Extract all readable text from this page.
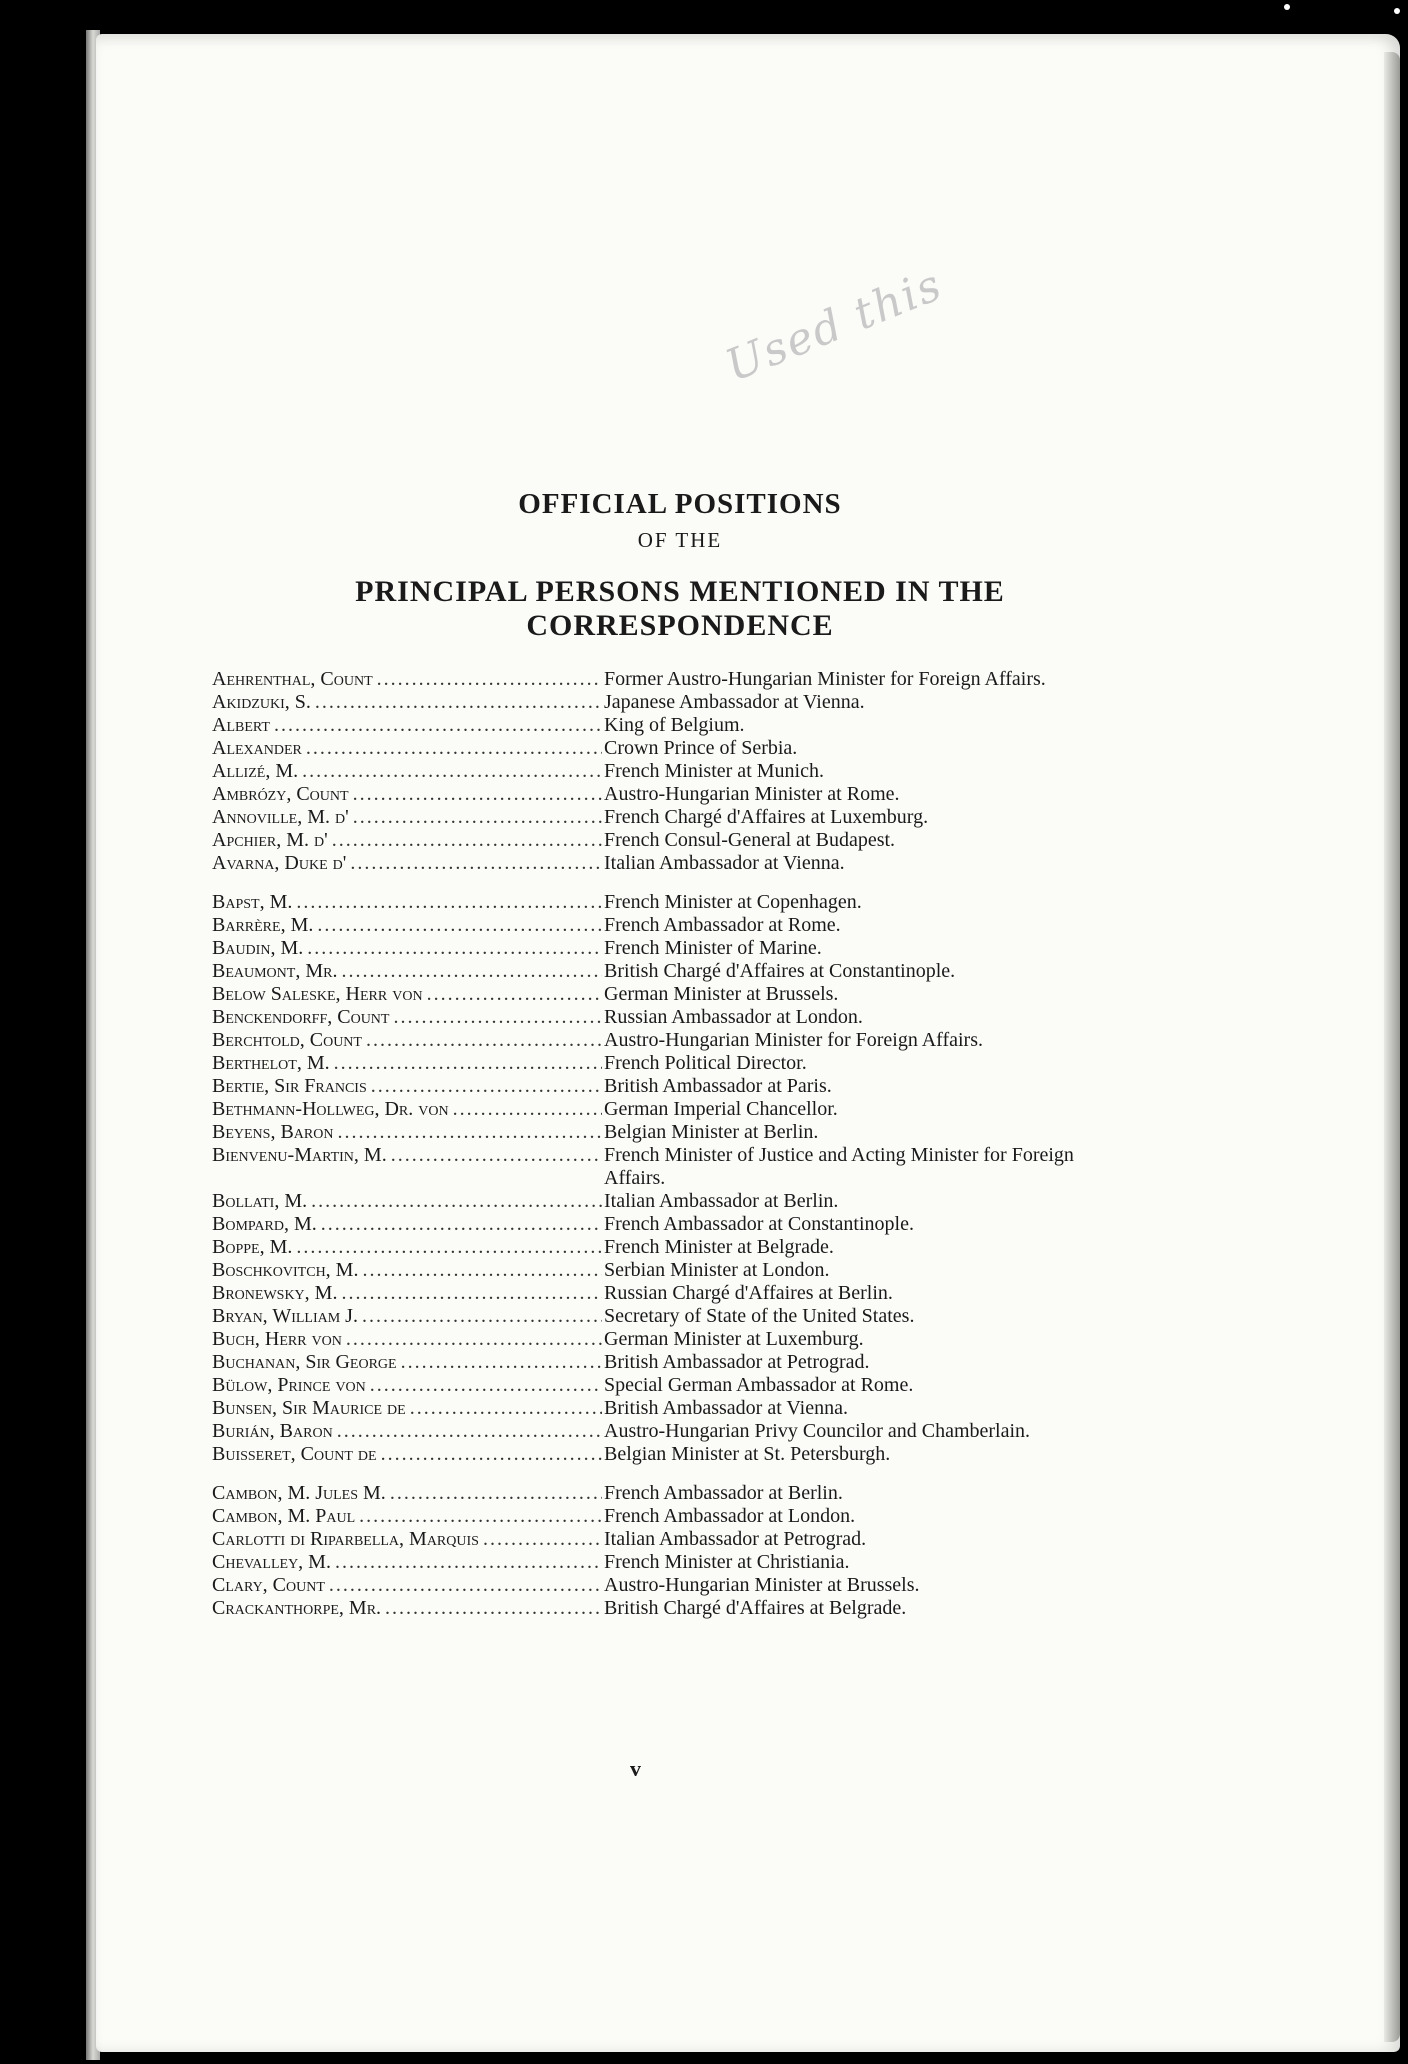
Used this

OFFICIAL POSITIONS

OF THE

PRINCIPAL PERSONS MENTIONED IN THE
CORRESPONDENCE

Aehrenthal, Count .....	Former Austro-Hungarian Minister for Foreign Affairs.
Akidzuki, S. .....	Japanese Ambassador at Vienna.
Albert .....	King of Belgium.
Alexander .....	Crown Prince of Serbia.
Allizé, M. .....	French Minister at Munich.
Ambrózy, Count .....	Austro-Hungarian Minister at Rome.
Annoville, M. d' .....	French Chargé d'Affaires at Luxemburg.
Apchier, M. d' .....	French Consul-General at Budapest.
Avarna, Duke d' .....	Italian Ambassador at Vienna.
Bapst, M. .....	French Minister at Copenhagen.
Barrère, M. .....	French Ambassador at Rome.
Baudin, M. .....	French Minister of Marine.
Beaumont, Mr. .....	British Chargé d'Affaires at Constantinople.
Below Saleske, Herr von .....	German Minister at Brussels.
Benckendorff, Count .....	Russian Ambassador at London.
Berchtold, Count .....	Austro-Hungarian Minister for Foreign Affairs.
Berthelot, M. .....	French Political Director.
Bertie, Sir Francis .....	British Ambassador at Paris.
Bethmann-Hollweg, Dr. von .....	German Imperial Chancellor.
Beyens, Baron .....	Belgian Minister at Berlin.
Bienvenu-Martin, M. .....	French Minister of Justice and Acting Minister for Foreign Affairs.
Bollati, M. .....	Italian Ambassador at Berlin.
Bompard, M. .....	French Ambassador at Constantinople.
Boppe, M. .....	French Minister at Belgrade.
Boschkovitch, M. .....	Serbian Minister at London.
Bronewsky, M. .....	Russian Chargé d'Affaires at Berlin.
Bryan, William J. .....	Secretary of State of the United States.
Buch, Herr von .....	German Minister at Luxemburg.
Buchanan, Sir George .....	British Ambassador at Petrograd.
Bülow, Prince von .....	Special German Ambassador at Rome.
Bunsen, Sir Maurice de .....	British Ambassador at Vienna.
Burián, Baron .....	Austro-Hungarian Privy Councilor and Chamberlain.
Buisseret, Count de .....	Belgian Minister at St. Petersburgh.
Cambon, M. Jules M. .....	French Ambassador at Berlin.
Cambon, M. Paul .....	French Ambassador at London.
Carlotti di Riparbella, Marquis .....	Italian Ambassador at Petrograd.
Chevalley, M. .....	French Minister at Christiania.
Clary, Count .....	Austro-Hungarian Minister at Brussels.
Crackanthorpe, Mr. .....	British Chargé d'Affaires at Belgrade.
v
